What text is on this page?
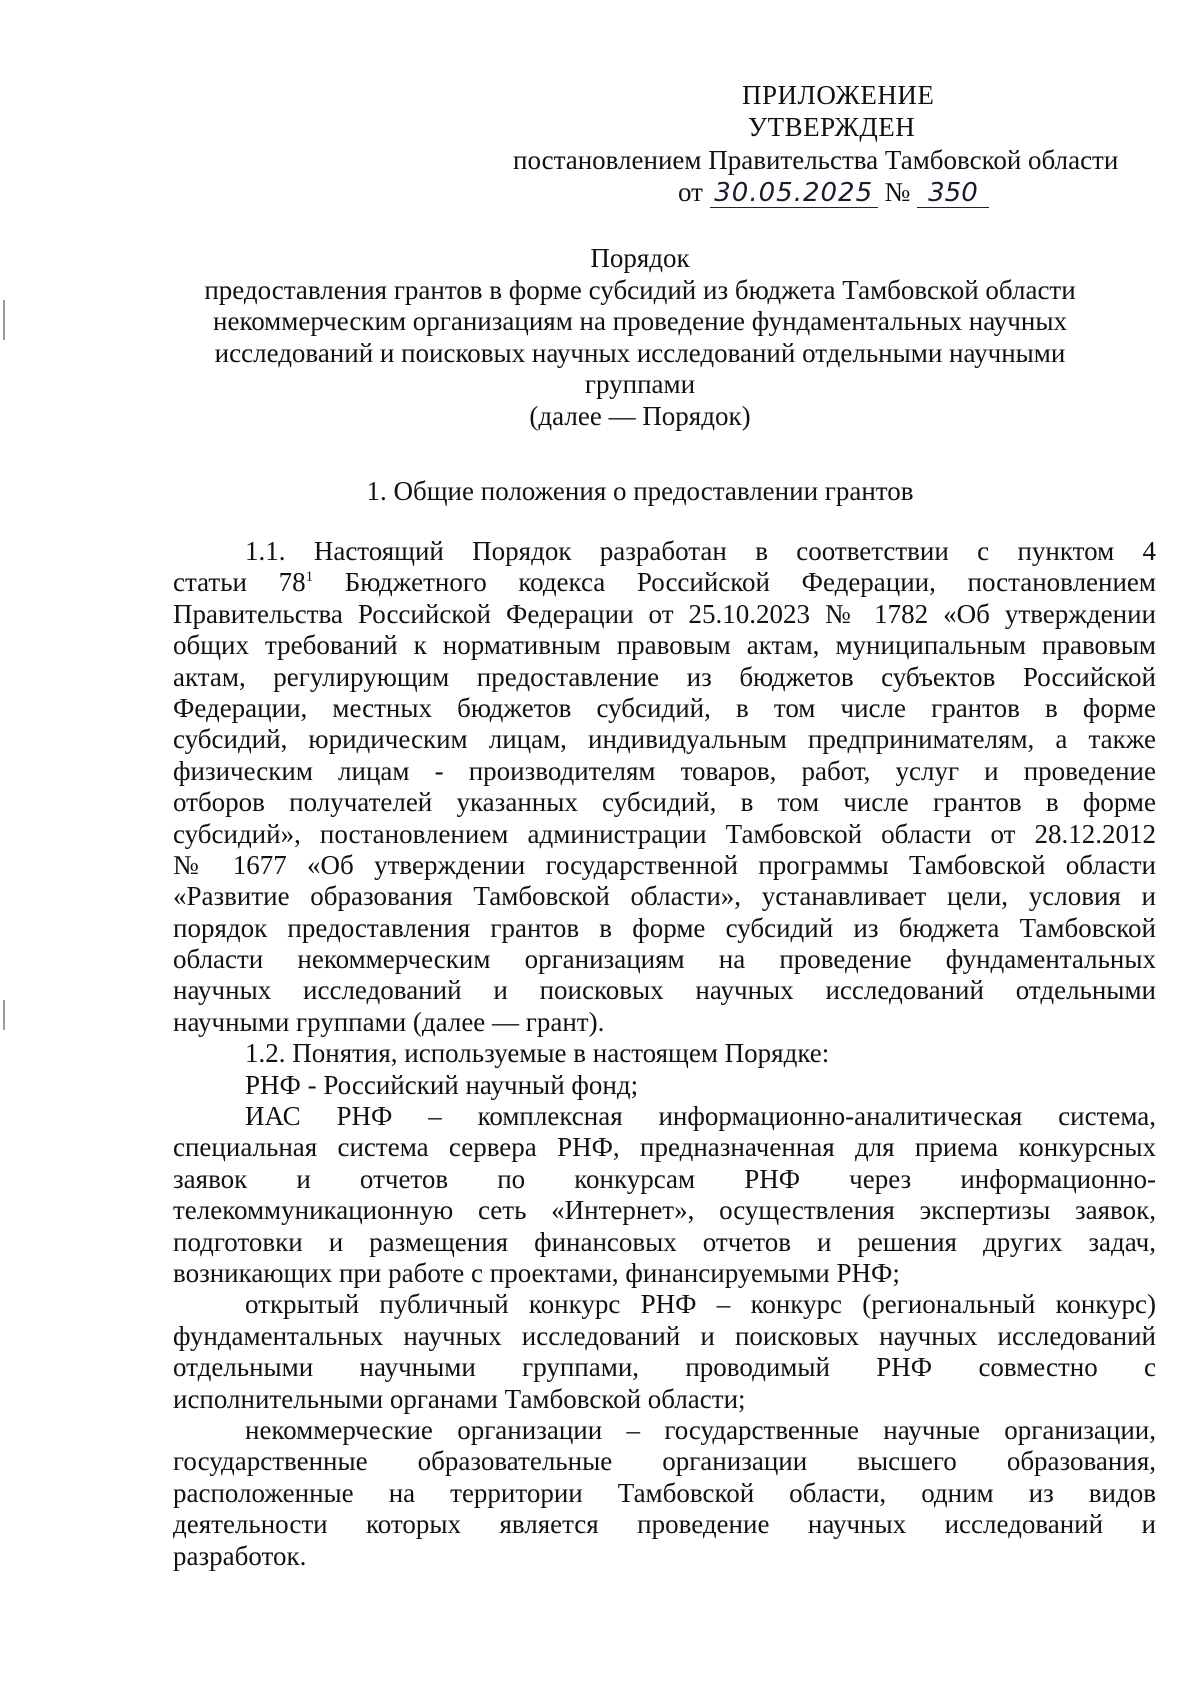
ПРИЛОЖЕНИЕ
УТВЕРЖДЕН
постановлением Правительства Тамбовской области
от 30.05.2025 № 350
Порядок
предоставления грантов в форме субсидий из бюджета Тамбовской области
некоммерческим организациям на проведение фундаментальных научных
исследований и поисковых научных исследований отдельными научными
группами
(далее — Порядок)
1. Общие положения о предоставлении грантов
1.1. Настоящий Порядок разработан в соответствии с пунктом 4
статьи $78^1$ Бюджетного кодекса Российской Федерации, постановлением
Правительства Российской Федерации от 25.10.2023 № 1782 «Об утверждении
общих требований к нормативным правовым актам, муниципальным правовым
актам, регулирующим предоставление из бюджетов субъектов Российской
Федерации, местных бюджетов субсидий, в том числе грантов в форме
субсидий, юридическим лицам, индивидуальным предпринимателям, а также
физическим лицам - производителям товаров, работ, услуг и проведение
отборов получателей указанных субсидий, в том числе грантов в форме
субсидий», постановлением администрации Тамбовской области от 28.12.2012
№ 1677 «Об утверждении государственной программы Тамбовской области
«Развитие образования Тамбовской области», устанавливает цели, условия и
порядок предоставления грантов в форме субсидий из бюджета Тамбовской
области некоммерческим организациям на проведение фундаментальных
научных исследований и поисковых научных исследований отдельными
научными группами (далее — грант).
1.2. Понятия, используемые в настоящем Порядке:
РНФ - Российский научный фонд;
ИАС РНФ – комплексная информационно-аналитическая система,
специальная система сервера РНФ, предназначенная для приема конкурсных
заявок и отчетов по конкурсам РНФ через информационно-
телекоммуникационную сеть «Интернет», осуществления экспертизы заявок,
подготовки и размещения финансовых отчетов и решения других задач,
возникающих при работе с проектами, финансируемыми РНФ;
открытый публичный конкурс РНФ – конкурс (региональный конкурс)
фундаментальных научных исследований и поисковых научных исследований
отдельными научными группами, проводимый РНФ совместно с
исполнительными органами Тамбовской области;
некоммерческие организации – государственные научные организации,
государственные образовательные организации высшего образования,
расположенные на территории Тамбовской области, одним из видов
деятельности которых является проведение научных исследований и
разработок.
